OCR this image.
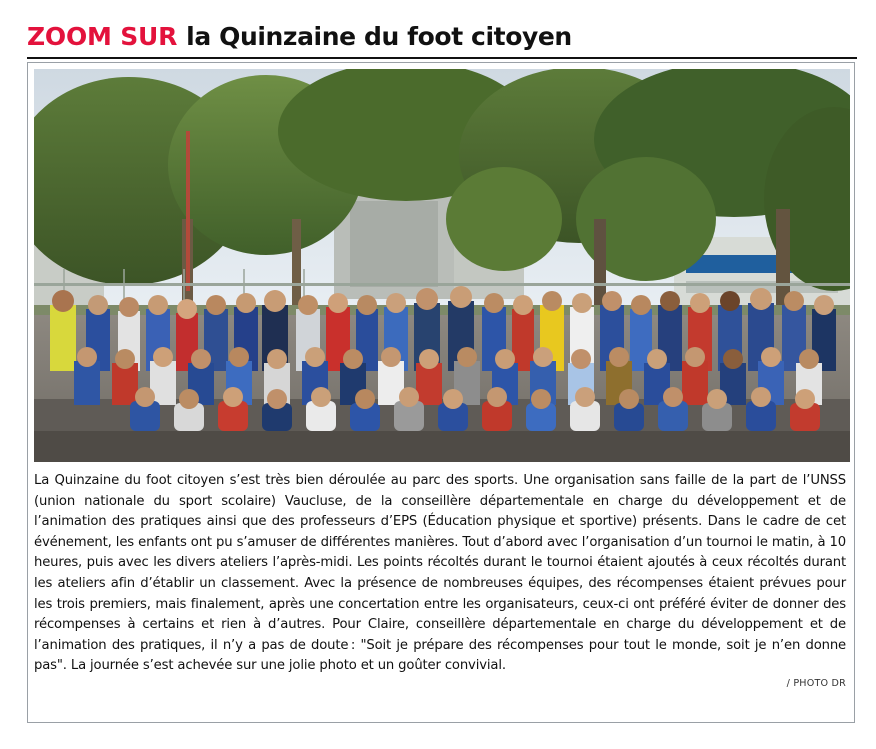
ZOOM SUR la Quinzaine du foot citoyen
La Quinzaine du foot citoyen s’est très bien déroulée au parc des sports. Une organisation sans faille de la part de l’UNSS (union nationale du sport scolaire) Vaucluse, de la conseillère départementale en charge du développement et de l’animation des pratiques ainsi que des professeurs d’EPS (Éducation physique et sportive) présents. Dans le cadre de cet événement, les enfants ont pu s’amuser de différentes manières. Tout d’abord avec l’organisation d’un tournoi le matin, à 10 heures, puis avec les divers ateliers l’après-midi. Les points récoltés durant le tournoi étaient ajoutés à ceux récoltés durant les ateliers afin d’établir un classement. Avec la présence de nombreuses équipes, des récompenses étaient prévues pour les trois premiers, mais finalement, après une concertation entre les organisateurs, ceux-ci ont préféré éviter de donner des récompenses à certains et rien à d’autres. Pour Claire, conseillère départementale en charge du développement et de l’animation des pratiques, il n’y a pas de doute : "Soit je prépare des récompenses pour tout le monde, soit je n’en donne pas". La journée s’est achevée sur une jolie photo et un goûter convivial.
/ PHOTO DR
